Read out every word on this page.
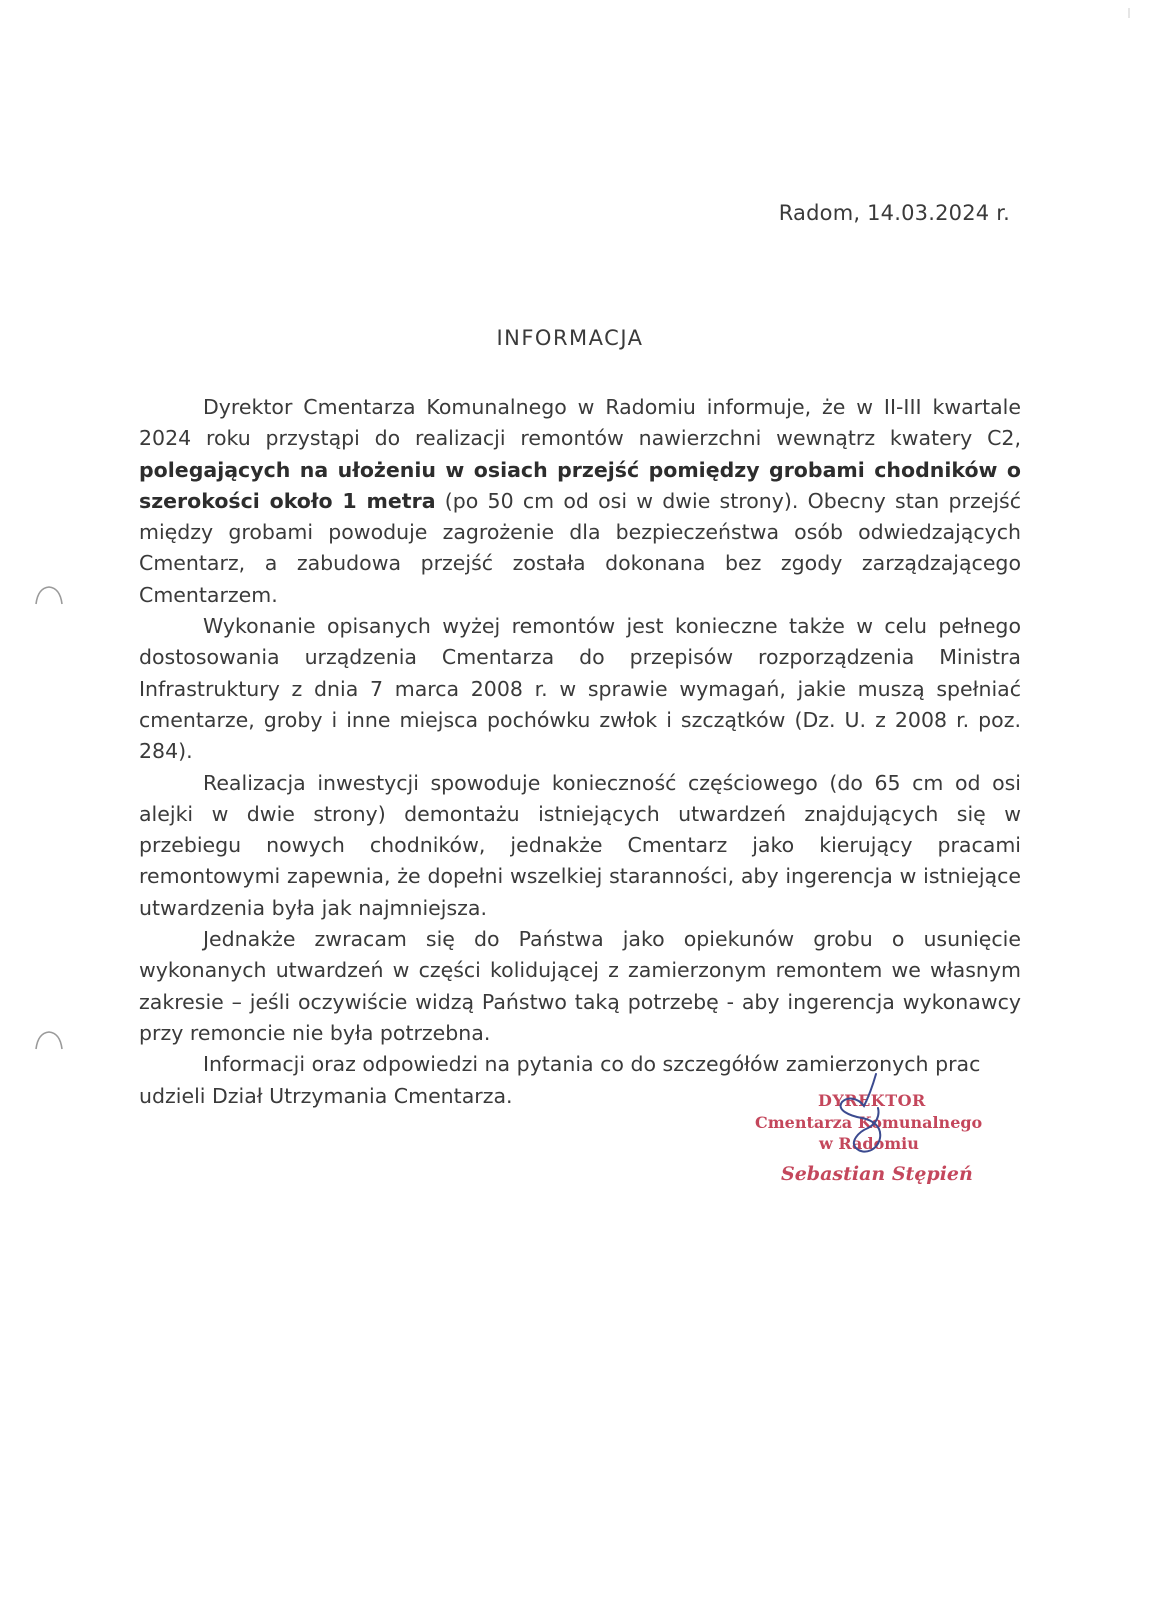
Radom, 14.03.2024 r.
INFORMACJA

Dyrektor Cmentarza Komunalnego w Radomiu informuje, że w II-III kwartale 2024 roku przystąpi do realizacji remontów nawierzchni wewnątrz kwatery C2, polegających na ułożeniu w osiach przejść pomiędzy grobami chodników o szerokości około 1 metra (po 50 cm od osi w dwie strony). Obecny stan przejść między grobami powoduje zagrożenie dla bezpieczeństwa osób odwiedzających Cmentarz, a zabudowa przejść została dokonana bez zgody zarządzającego Cmentarzem.

Wykonanie opisanych wyżej remontów jest konieczne także w celu pełnego dostosowania urządzenia Cmentarza do przepisów rozporządzenia Ministra Infrastruktury z dnia 7 marca 2008 r. w sprawie wymagań, jakie muszą spełniać cmentarze, groby i inne miejsca pochówku zwłok i szczątków (Dz. U. z 2008 r. poz. 284).

Realizacja inwestycji spowoduje konieczność częściowego (do 65 cm od osi alejki w dwie strony) demontażu istniejących utwardzeń znajdujących się w przebiegu nowych chodników, jednakże Cmentarz jako kierujący pracami remontowymi zapewnia, że dopełni wszelkiej staranności, aby ingerencja w istniejące utwardzenia była jak najmniejsza.

Jednakże zwracam się do Państwa jako opiekunów grobu o usunięcie wykonanych utwardzeń w części kolidującej z zamierzonym remontem we własnym zakresie – jeśli oczywiście widzą Państwo taką potrzebę - aby ingerencja wykonawcy przy remoncie nie była potrzebna.

Informacji oraz odpowiedzi na pytania co do szczegółów zamierzonych prac udzieli Dział Utrzymania Cmentarza.	DYREKTOR
Cmentarza Komunalnego
w Radomiu
Sebastian Stępień
